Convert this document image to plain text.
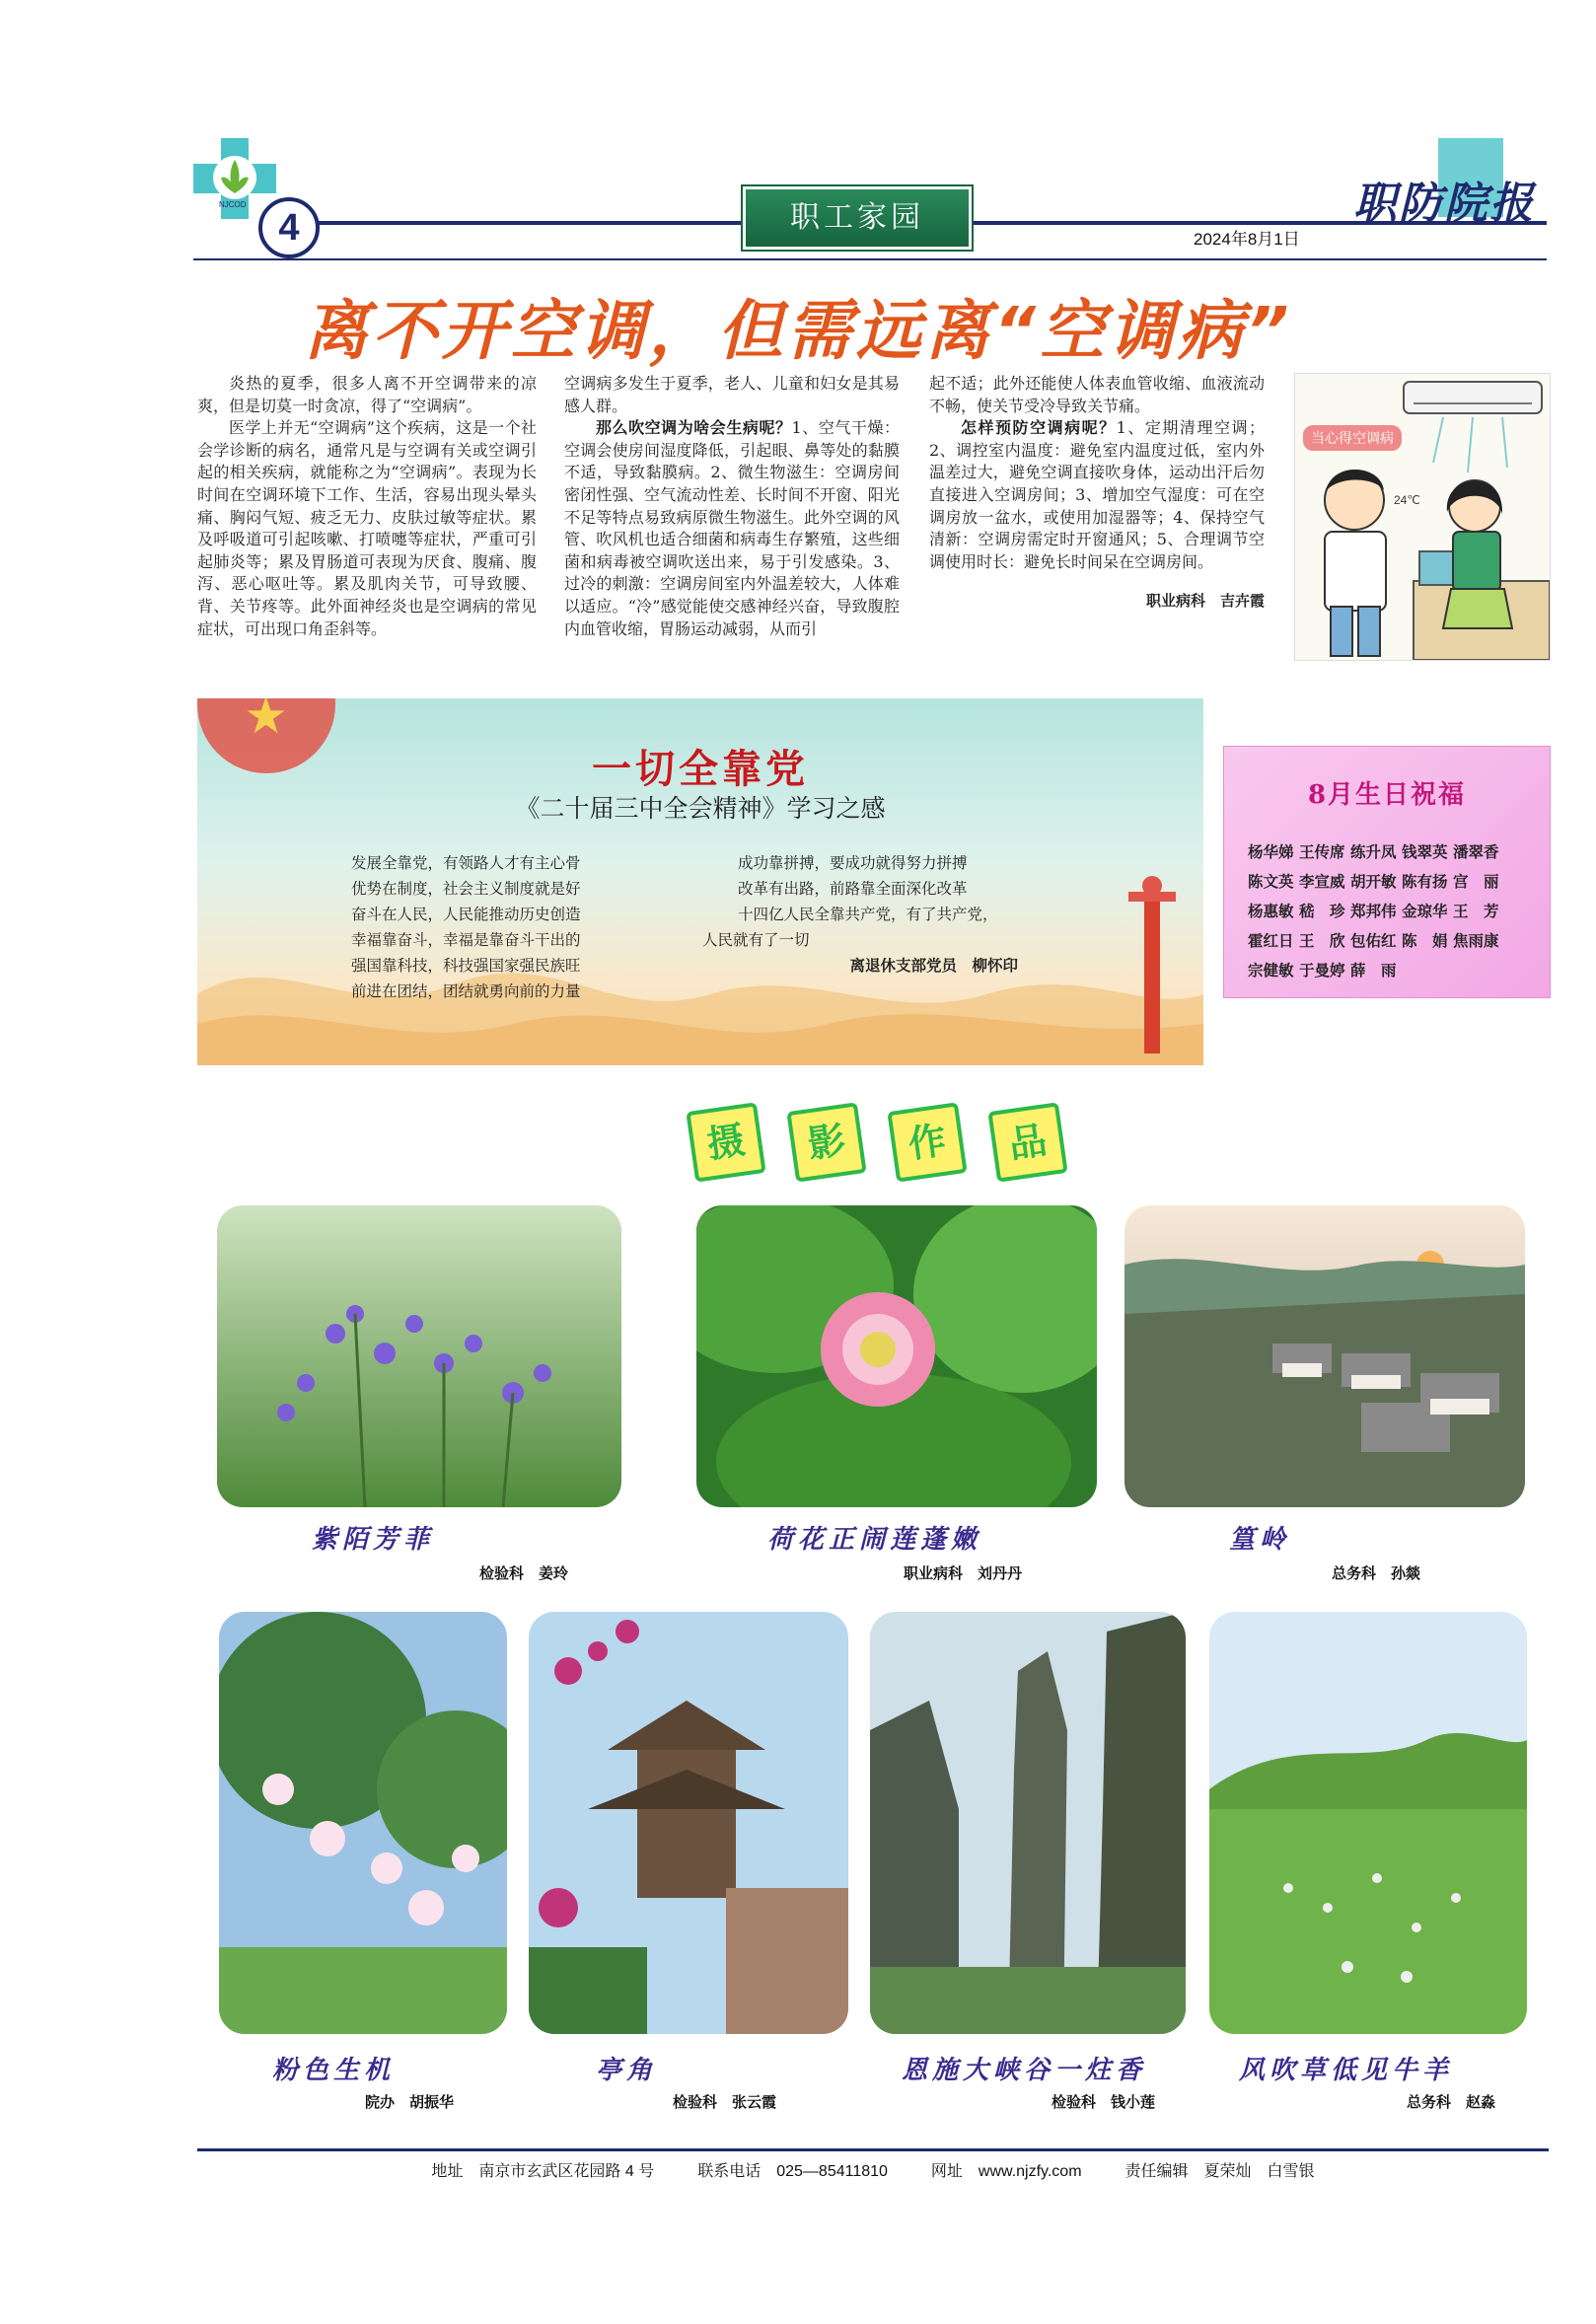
NJCOD
4	职工家园	职防院报
2024年8月1日
离不开空调，但需远离“空调病”

炎热的夏季，很多人离不开空调带来的凉爽，但是切莫一时贪凉，得了“空调病”。

医学上并无“空调病”这个疾病，这是一个社会学诊断的病名，通常凡是与空调有关或空调引起的相关疾病，就能称之为“空调病”。表现为长时间在空调环境下工作、生活，容易出现头晕头痛、胸闷气短、疲乏无力、皮肤过敏等症状。累及呼吸道可引起咳嗽、打喷嚏等症状，严重可引起肺炎等；累及胃肠道可表现为厌食、腹痛、腹泻、恶心呕吐等。累及肌肉关节，可导致腰、背、关节疼等。此外面神经炎也是空调病的常见症状，可出现口角歪斜等。

空调病多发生于夏季，老人、儿童和妇女是其易感人群。

那么吹空调为啥会生病呢？1、空气干燥：空调会使房间湿度降低，引起眼、鼻等处的黏膜不适，导致黏膜病。2、微生物滋生：空调房间密闭性强、空气流动性差、长时间不开窗、阳光不足等特点易致病原微生物滋生。此外空调的风管、吹风机也适合细菌和病毒生存繁殖，这些细菌和病毒被空调吹送出来，易于引发感染。3、过冷的刺激：空调房间室内外温差较大，人体难以适应。“冷”感觉能使交感神经兴奋，导致腹腔内血管收缩，胃肠运动减弱，从而引

起不适；此外还能使人体表血管收缩、血液流动不畅，使关节受冷导致关节痛。

怎样预防空调病呢？1、定期清理空调；2、调控室内温度：避免室内温度过低，室内外温差过大，避免空调直接吹身体，运动出汗后勿直接进入空调房间；3、增加空气湿度：可在空调房放一盆水，或使用加湿器等；4、保持空气清新：空调房需定时开窗通风；5、合理调节空调使用时长：避免长时间呆在空调房间。

职业病科　吉卉霞
24℃
当心得空调病
一切全靠党
《二十届三中全会精神》学习之感
发展全靠党，有领路人才有主心骨
优势在制度，社会主义制度就是好
奋斗在人民，人民能推动历史创造
幸福靠奋斗，幸福是靠奋斗干出的
强国靠科技，科技强国家强民族旺
前进在团结，团结就勇向前的力量
成功靠拼搏，要成功就得努力拼搏
改革有出路，前路靠全面深化改革
十四亿人民全靠共产党，有了共产党，
人民就有了一切
离退休支部党员　柳怀印
8月生日祝福
杨华娣 王传席 练升凤 钱翠英 潘翠香
陈文英 李宣威 胡开敏 陈有扬 宫　丽
杨惠敏 嵇　珍 郑邦伟 金琼华 王　芳
霍红日 王　欣 包佑红 陈　娟 焦雨康
宗健敏 于曼婷 薛　雨
摄	影	作	品
紫陌芳菲
检验科　姜玲
荷花正闹莲蓬嫩
职业病科　刘丹丹
篁岭
总务科　孙燚
粉色生机
院办　胡振华
亭角
检验科　张云霞
恩施大峡谷一炷香
检验科　钱小莲
风吹草低见牛羊
总务科　赵淼
地址　南京市玄武区花园路 4 号	联系电话　025—85411810	网址　www.njzfy.com	责任编辑　夏荣灿　白雪银
